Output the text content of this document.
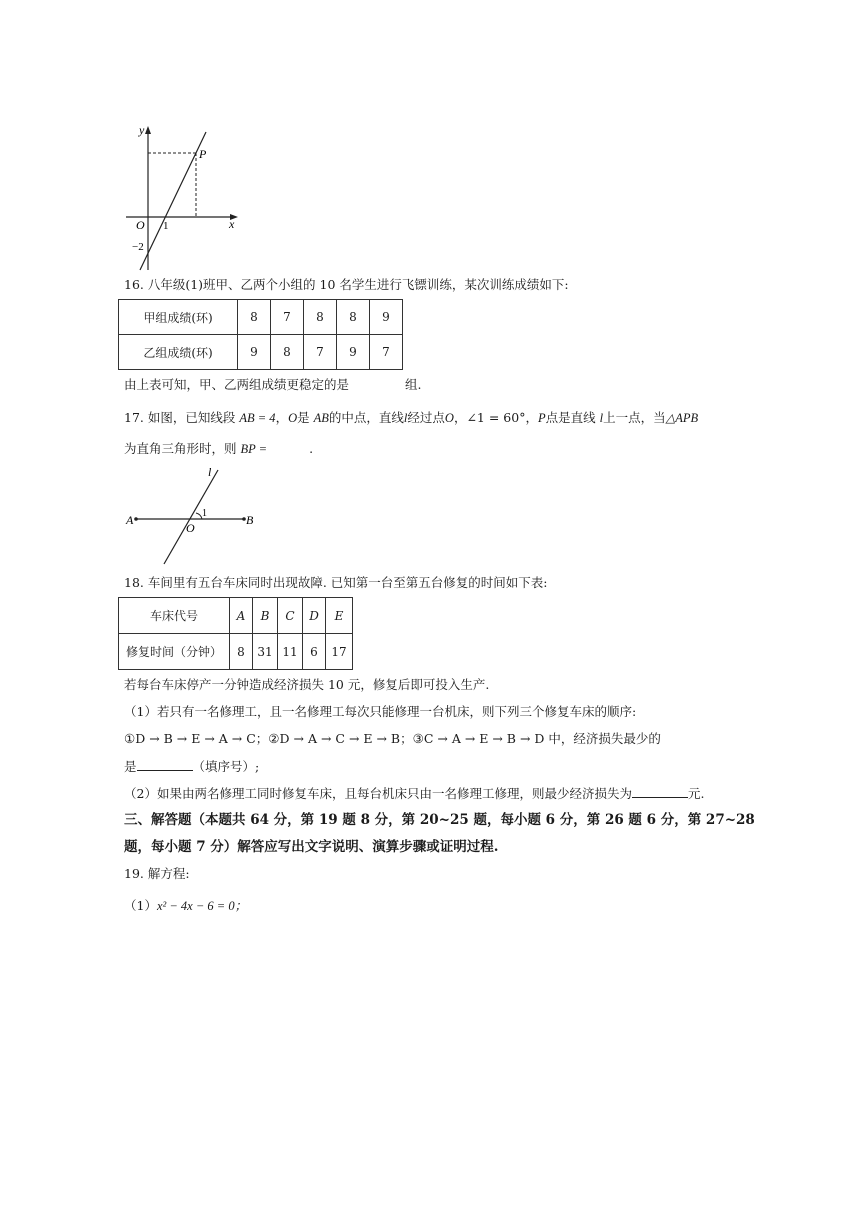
y
x
O
P
1
−2
16. 八年级(1)班甲、乙两个小组的 10 名学生进行飞镖训练，某次训练成绩如下:
甲组成绩(环)	8	7	8	8	9
乙组成绩(环)	9	8	7	9	7
由上表可知，甲、乙两组成绩更稳定的是	组.
17. 如图，已知线段 AB = 4，O是 AB的中点，直线l经过点O，∠1 = 60°，P点是直线 l上一点，当△APB
为直角三角形时，则 BP =	.
l
A	B
O
1
18. 车间里有五台车床同时出现故障. 已知第一台至第五台修复的时间如下表:
车床代号	A	B	C	D	E
修复时间（分钟）	8	31	11	6	17
若每台车床停产一分钟造成经济损失 10 元，修复后即可投入生产.
（1）若只有一名修理工，且一名修理工每次只能修理一台机床，则下列三个修复车床的顺序:
①D → B → E → A → C；②D → A → C → E → B；③C → A → E → B → D 中，经济损失最少的
是	（填序号）;
（2）如果由两名修理工同时修复车床，且每台机床只由一名修理工修理，则最少经济损失为	元.
三、解答题（本题共 64 分，第 19 题 8 分，第 20~25 题，每小题 6 分，第 26 题 6 分，第 27~28
题，每小题 7 分）解答应写出文字说明、演算步骤或证明过程.
19. 解方程:
（1）x² − 4x − 6 = 0；
